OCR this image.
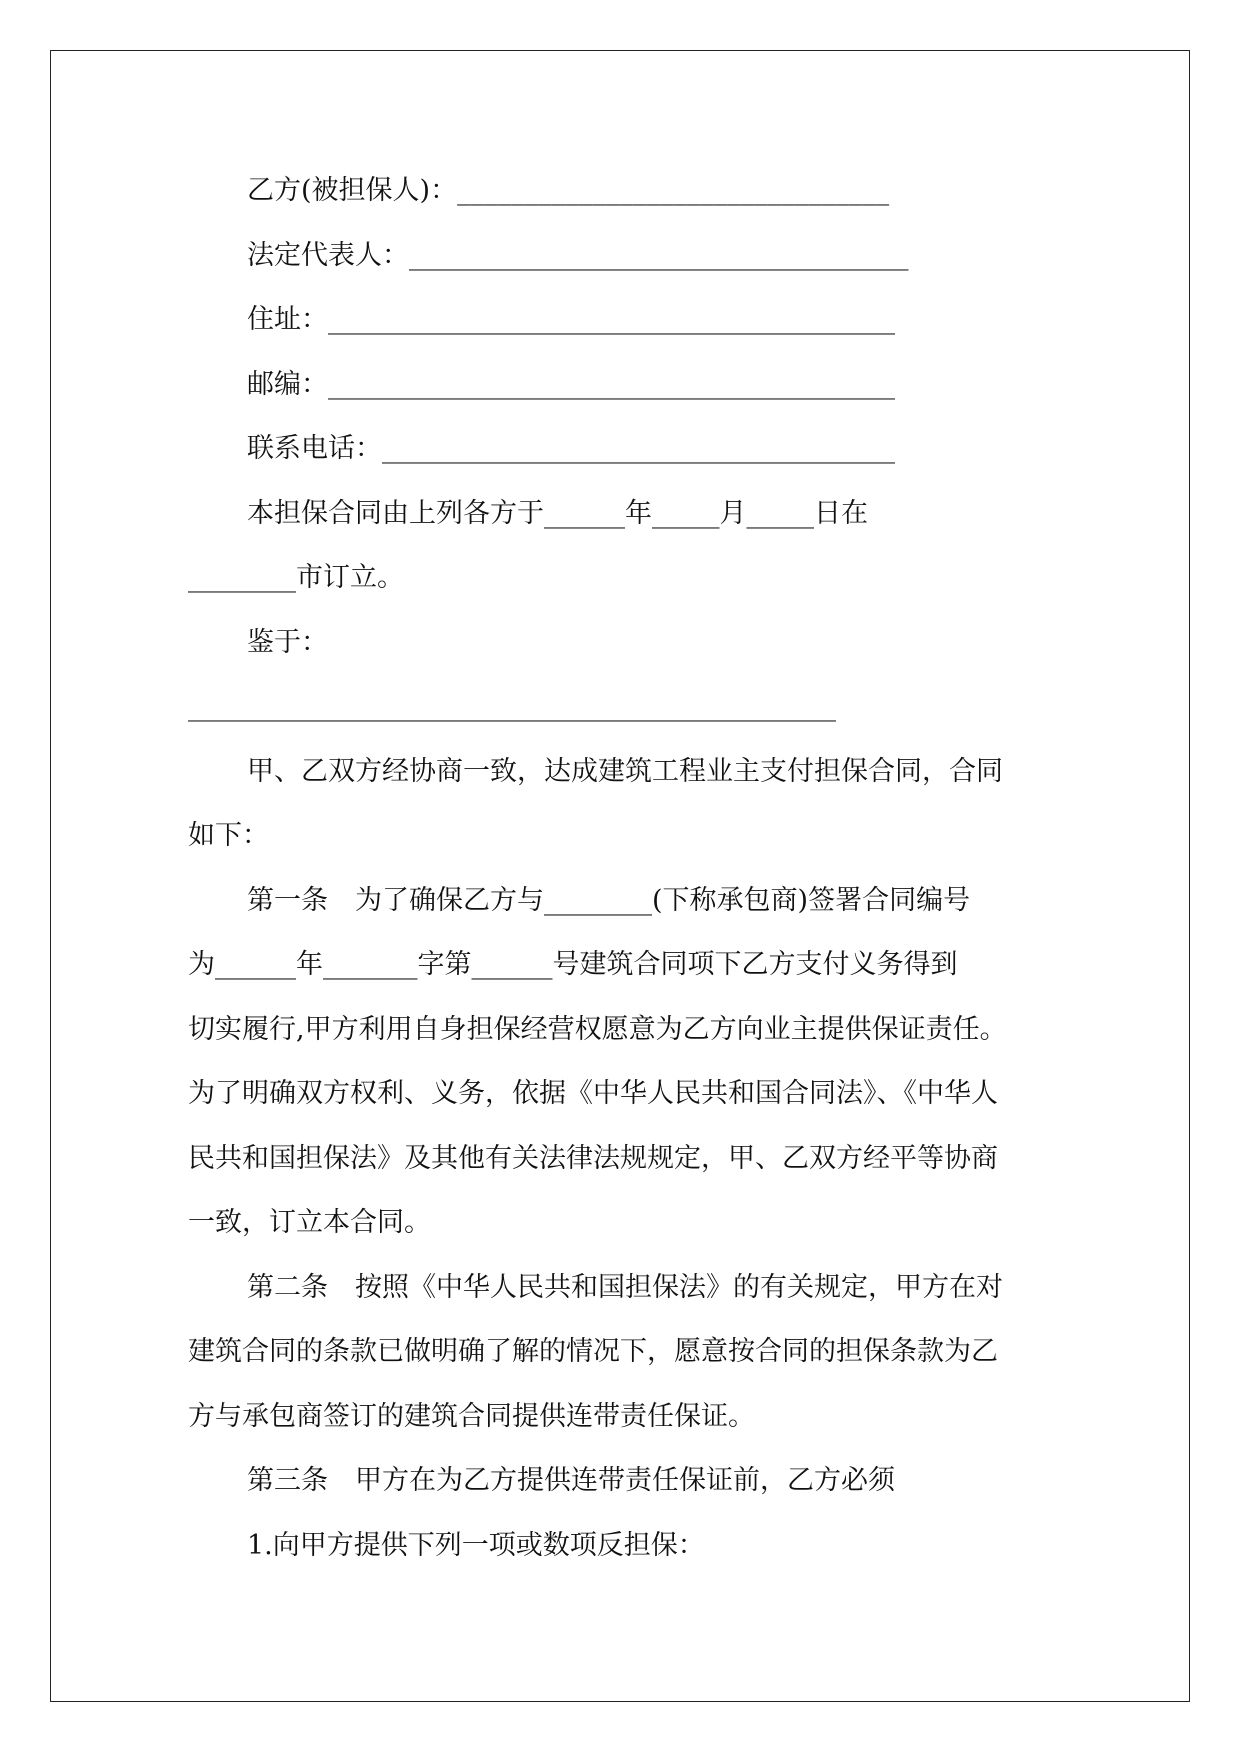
乙方(被担保人)：________________________________
法定代表人：_____________________________________
住址：__________________________________________
邮编：__________________________________________
联系电话：______________________________________
本担保合同由上列各方于______年_____月_____日在
________市订立。
鉴于：
________________________________________________
甲、乙双方经协商一致，达成建筑工程业主支付担保合同，合同
如下：
第一条　为了确保乙方与________(下称承包商)签署合同编号
为______年_______字第______号建筑合同项下乙方支付义务得到
切实履行,甲方利用自身担保经营权愿意为乙方向业主提供保证责任。
为了明确双方权利、义务，依据《中华人民共和国合同法》、《中华人
民共和国担保法》及其他有关法律法规规定，甲、乙双方经平等协商
一致，订立本合同。
第二条　按照《中华人民共和国担保法》的有关规定，甲方在对
建筑合同的条款已做明确了解的情况下，愿意按合同的担保条款为乙
方与承包商签订的建筑合同提供连带责任保证。
第三条　甲方在为乙方提供连带责任保证前，乙方必须
1.向甲方提供下列一项或数项反担保：
